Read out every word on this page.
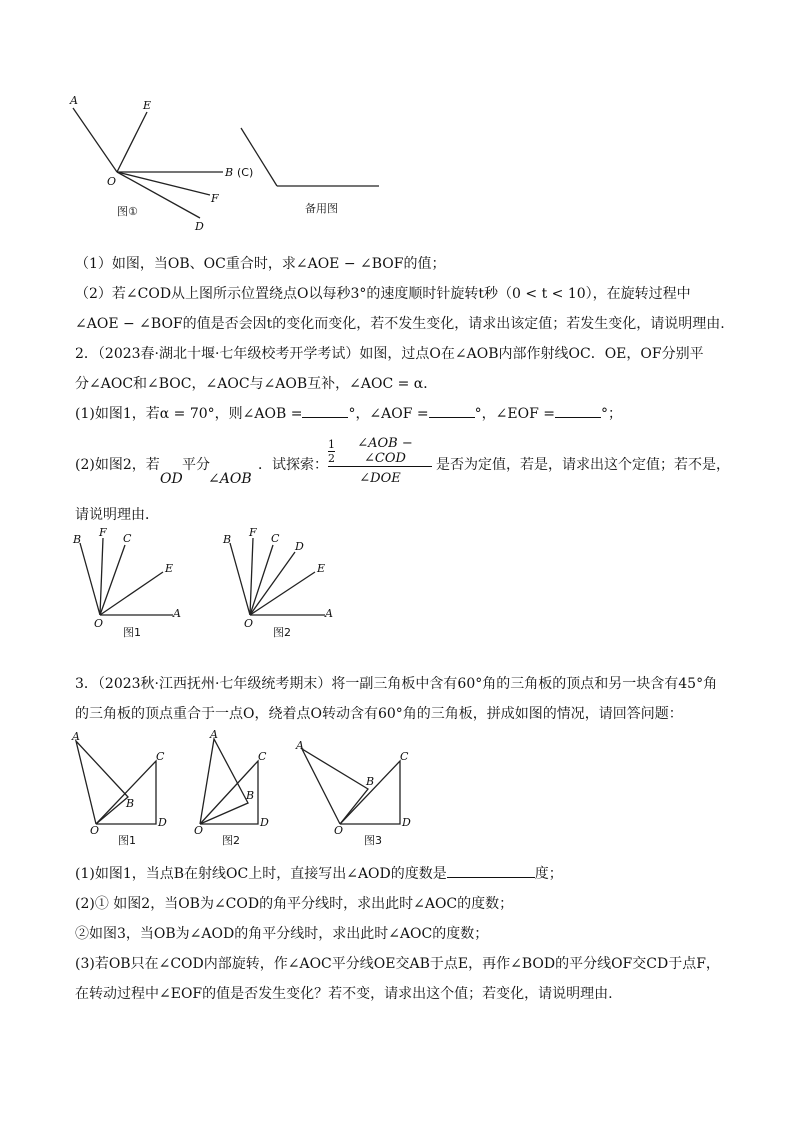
A	E
O
B (C)
F
D
图①	备用图
（1）如图，当OB、OC重合时，求∠AOE − ∠BOF的值；
（2）若∠COD从上图所示位置绕点O以每秒3°的速度顺时针旋转t秒（0 < t < 10），在旋转过程中
∠AOE − ∠BOF的值是否会因t的变化而变化，若不发生变化，请求出该定值；若发生变化，请说明理由.
2．（2023春·湖北十堰·七年级校考开学考试）如图，过点O在∠AOB内部作射线OC．OE，OF分别平
分∠AOC和∠BOC，∠AOC与∠AOB互补，∠AOC = α．
(1)如图1，若α = 70°，则∠AOB =	°，∠AOF =	°，∠EOF =	°；
(2)如图2，若
OD
平分
∠AOB
．试探索：
$\frac{1}{2}$	∠AOB − ∠COD
∠DOE
是否为定值，若是，请求出这个定值；若不是，
请说明理由．
B
F C
E
O
A
图1
B
F C
D
E
O
A
图2
3．（2023秋·江西抚州·七年级统考期末）将一副三角板中含有60°角的三角板的顶点和另一块含有45°角
的三角板的顶点重合于一点O，绕着点O转动含有60°角的三角板，拼成如图的情况，请回答问题：
A
C
B
O
D
图1
A
C
B
O
D
图2
A
C
B
O
D
图3
(1)如图1，当点B在射线OC上时，直接写出∠AOD的度数是	度；
(2)① 如图2，当OB为∠COD的角平分线时，求出此时∠AOC的度数；
②如图3，当OB为∠AOD的角平分线时，求出此时∠AOC的度数；
(3)若OB只在∠COD内部旋转，作∠AOC平分线OE交AB于点E，再作∠BOD的平分线OF交CD于点F，
在转动过程中∠EOF的值是否发生变化？若不变，请求出这个值；若变化，请说明理由.
